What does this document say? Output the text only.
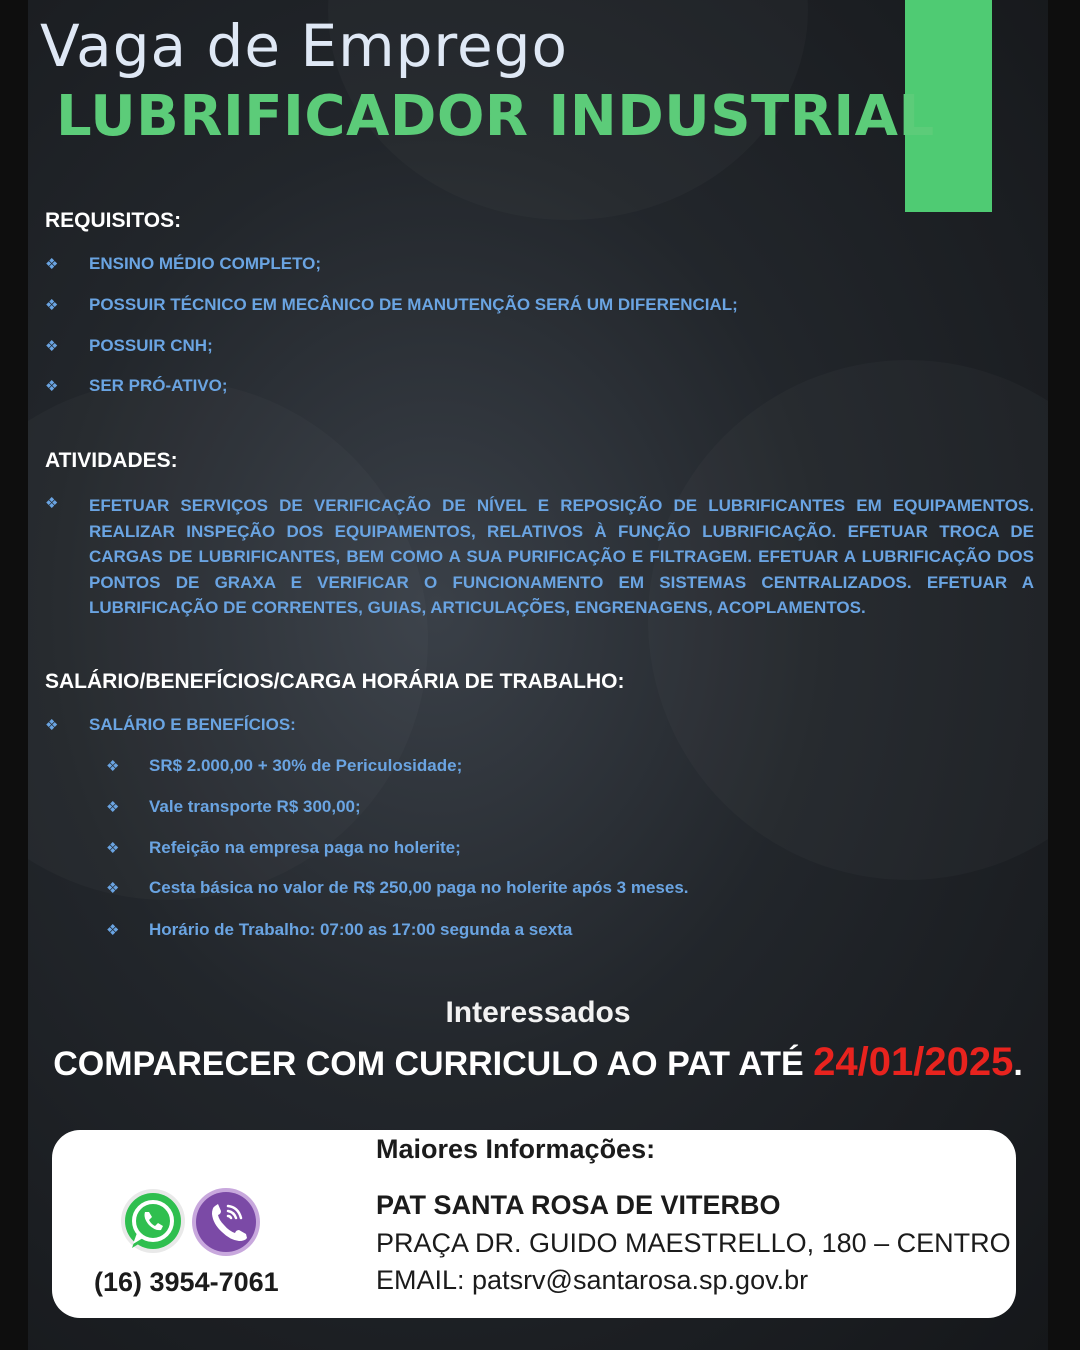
Vaga de Emprego
LUBRIFICADOR INDUSTRIAL
REQUISITOS:
❖ ENSINO MÉDIO COMPLETO;
❖ POSSUIR TÉCNICO EM MECÂNICO DE MANUTENÇÃO SERÁ UM DIFERENCIAL;
❖ POSSUIR CNH;
❖ SER PRÓ-ATIVO;
ATIVIDADES:
❖ EFETUAR SERVIÇOS DE VERIFICAÇÃO DE NÍVEL E REPOSIÇÃO DE LUBRIFICANTES EM EQUIPAMENTOS. REALIZAR INSPEÇÃO DOS EQUIPAMENTOS, RELATIVOS À FUNÇÃO LUBRIFICAÇÃO. EFETUAR TROCA DE CARGAS DE LUBRIFICANTES, BEM COMO A SUA PURIFICAÇÃO E FILTRAGEM. EFETUAR A LUBRIFICAÇÃO DOS PONTOS DE GRAXA E VERIFICAR O FUNCIONAMENTO EM SISTEMAS CENTRALIZADOS. EFETUAR A LUBRIFICAÇÃO DE CORRENTES, GUIAS, ARTICULAÇÕES, ENGRENAGENS, ACOPLAMENTOS.

SALÁRIO/BENEFÍCIOS/CARGA HORÁRIA DE TRABALHO:
❖ SALÁRIO E BENEFÍCIOS:
❖ SR$ 2.000,00 + 30% de Periculosidade;
❖ Vale transporte R$ 300,00;
❖ Refeição na empresa paga no holerite;
❖ Cesta básica no valor de R$ 250,00 paga no holerite após 3 meses.
❖ Horário de Trabalho: 07:00 as 17:00 segunda a sexta

Interessados

COMPARECER COM CURRICULO AO PAT ATÉ 24/01/2025.

(16) 3954-7061
Maiores Informações:
PAT SANTA ROSA DE VITERBO
PRAÇA DR. GUIDO MAESTRELLO, 180 – CENTRO
EMAIL: patsrv@santarosa.sp.gov.br
